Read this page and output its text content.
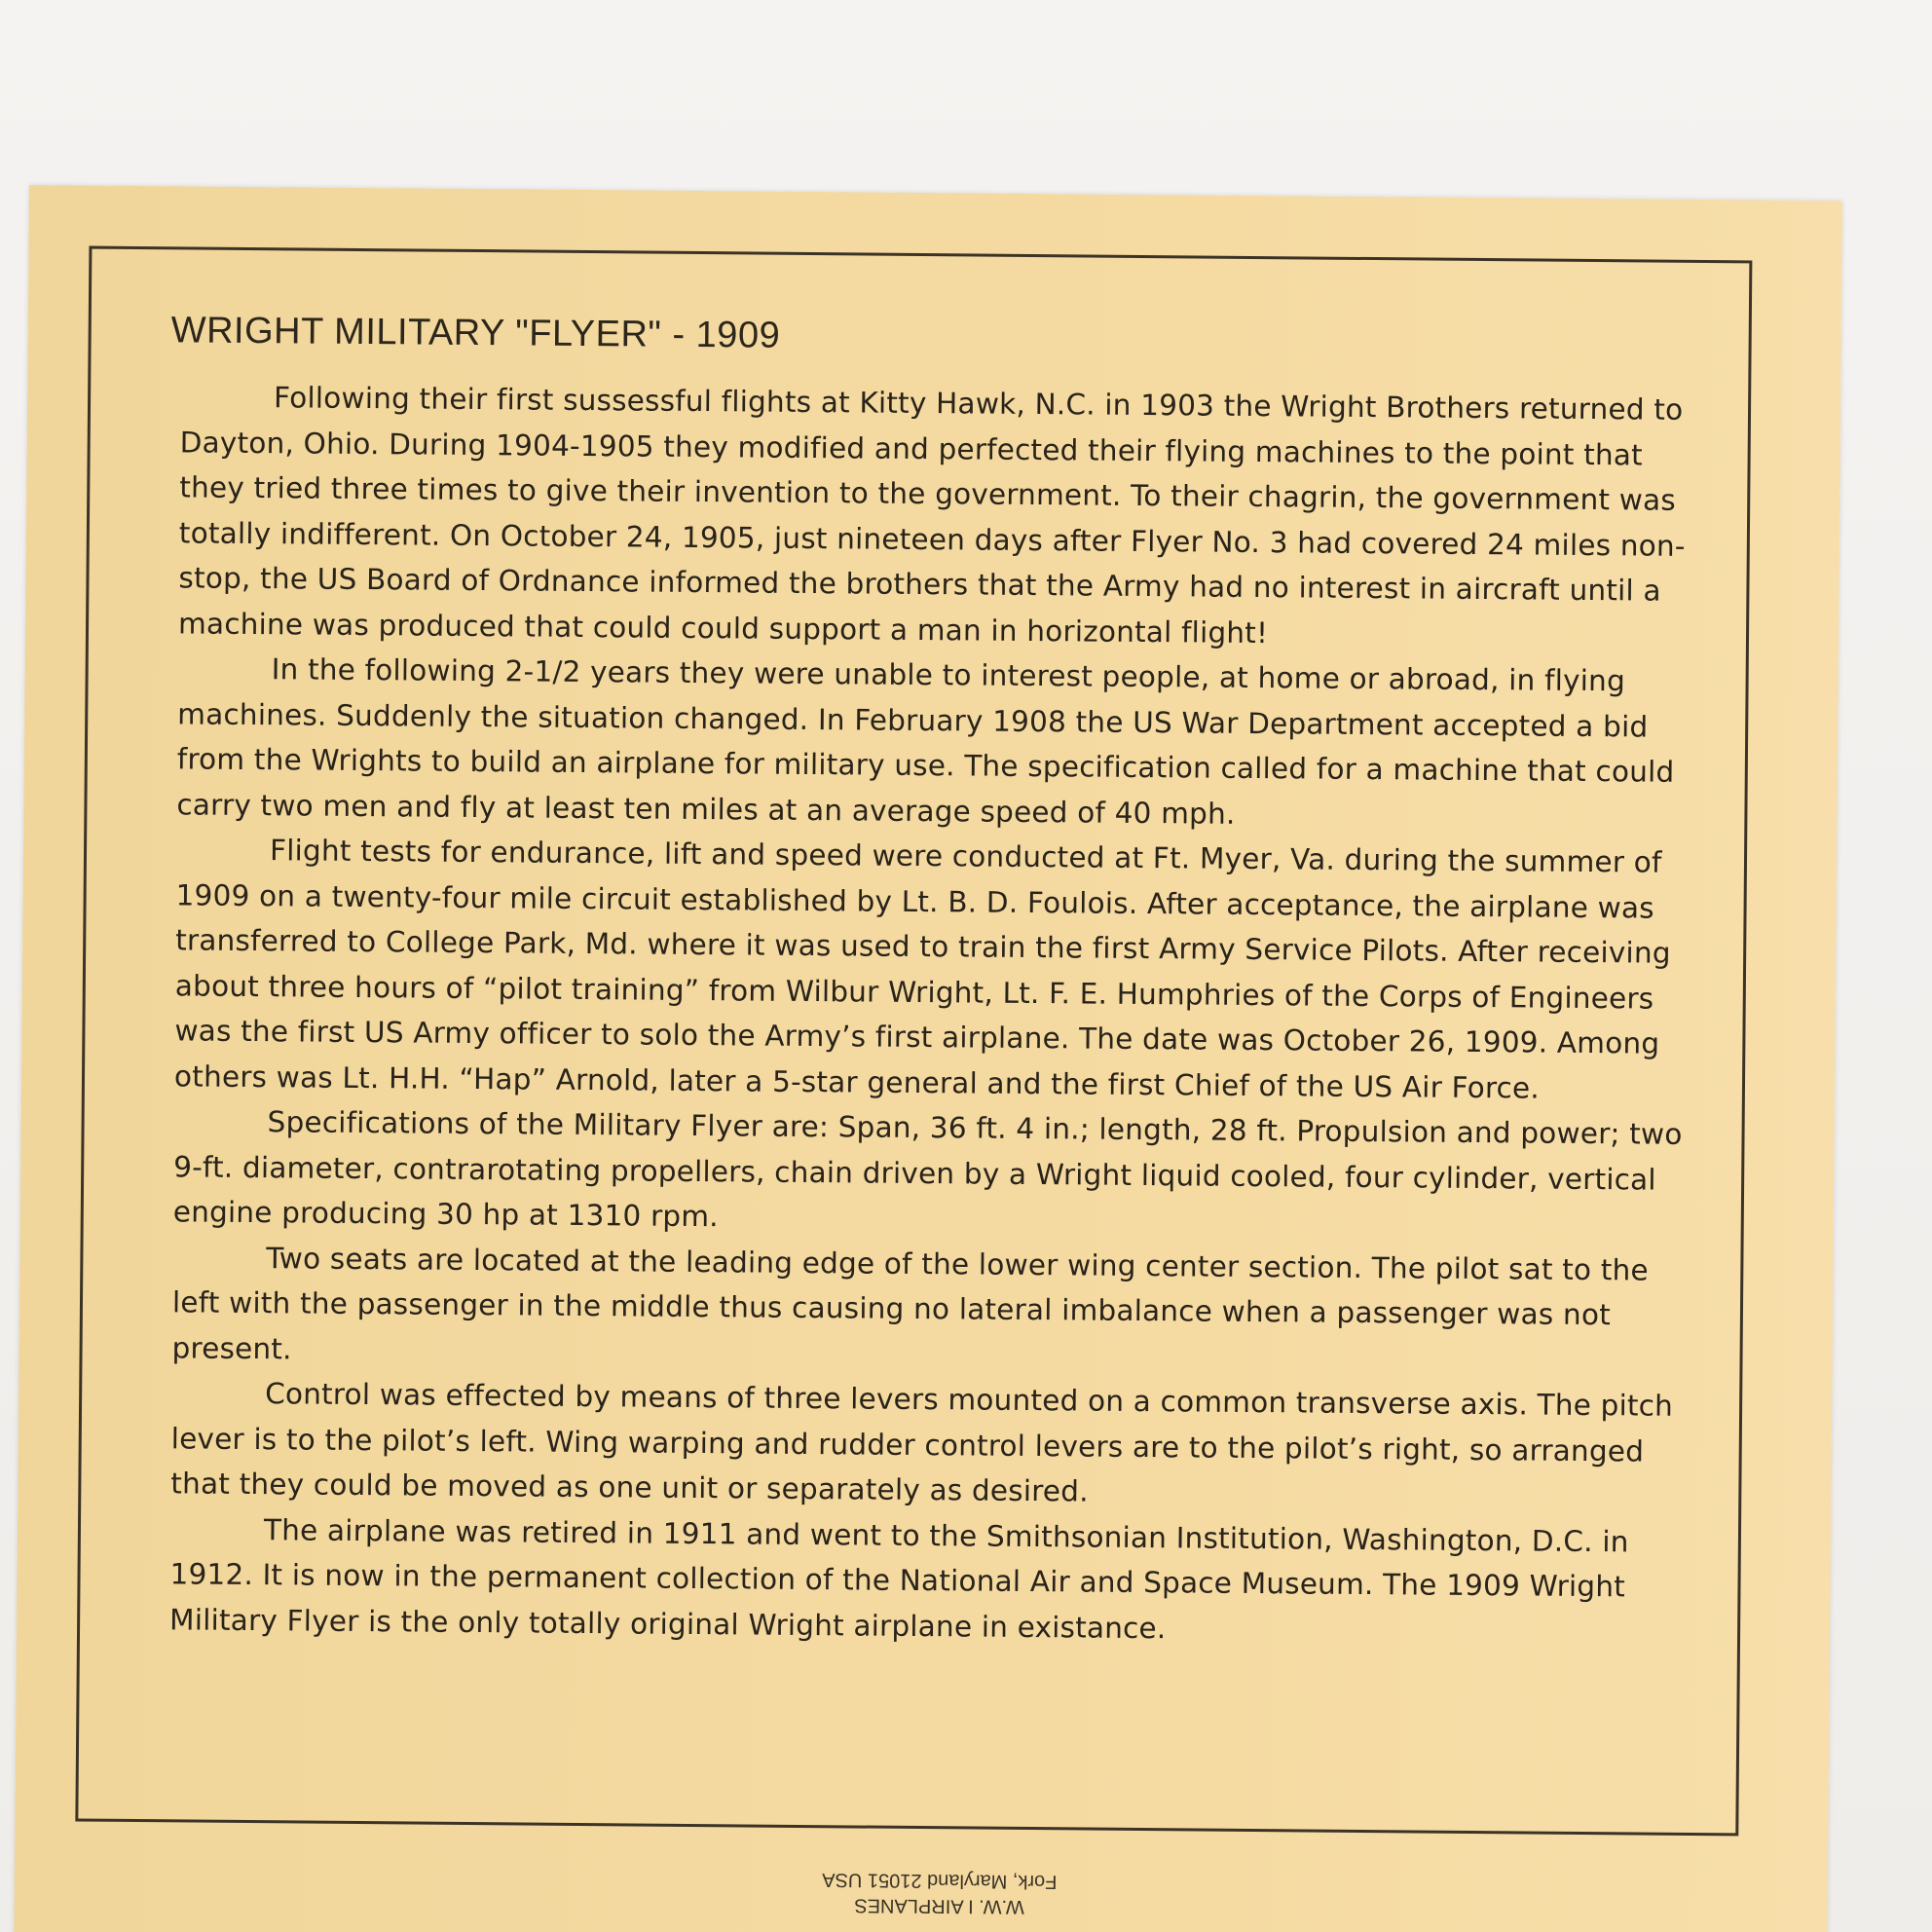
WRIGHT MILITARY "FLYER" - 1909

Following their first sussessful flights at Kitty Hawk, N.C. in 1903 the Wright Brothers returned to Dayton, Ohio. During 1904-1905 they modified and perfected their flying machines to the point that they tried three times to give their invention to the government. To their chagrin, the government was totally indifferent. On October 24, 1905, just nineteen days after Flyer No. 3 had covered 24 miles non-stop, the US Board of Ordnance informed the brothers that the Army had no interest in aircraft until a machine was produced that could could support a man in horizontal flight!

In the following 2-1/2 years they were unable to interest people, at home or abroad, in flying machines. Suddenly the situation changed. In February 1908 the US War Department accepted a bid from the Wrights to build an airplane for military use. The specification called for a machine that could carry two men and fly at least ten miles at an average speed of 40 mph.

Flight tests for endurance, lift and speed were conducted at Ft. Myer, Va. during the summer of 1909 on a twenty-four mile circuit established by Lt. B. D. Foulois. After acceptance, the airplane was transferred to College Park, Md. where it was used to train the first Army Service Pilots. After receiving about three hours of “pilot training” from Wilbur Wright, Lt. F. E. Humphries of the Corps of Engineers was the first US Army officer to solo the Army’s first airplane. The date was October 26, 1909. Among others was Lt. H.H. “Hap” Arnold, later a 5-star general and the first Chief of the US Air Force.

Specifications of the Military Flyer are: Span, 36 ft. 4 in.; length, 28 ft. Propulsion and power; two 9-ft. diameter, contrarotating propellers, chain driven by a Wright liquid cooled, four cylinder, vertical engine producing 30 hp at 1310 rpm.

Two seats are located at the leading edge of the lower wing center section. The pilot sat to the left with the passenger in the middle thus causing no lateral imbalance when a passenger was not present.

Control was effected by means of three levers mounted on a common transverse axis. The pitch lever is to the pilot’s left. Wing warping and rudder control levers are to the pilot’s right, so arranged that they could be moved as one unit or separately as desired.

The airplane was retired in 1911 and went to the Smithsonian Institution, Washington, D.C. in 1912. It is now in the permanent collection of the National Air and Space Museum. The 1909 Wright Military Flyer is the only totally original Wright airplane in existance.

W.W. I AIRPLANES
Fork, Maryland 21051 USA
